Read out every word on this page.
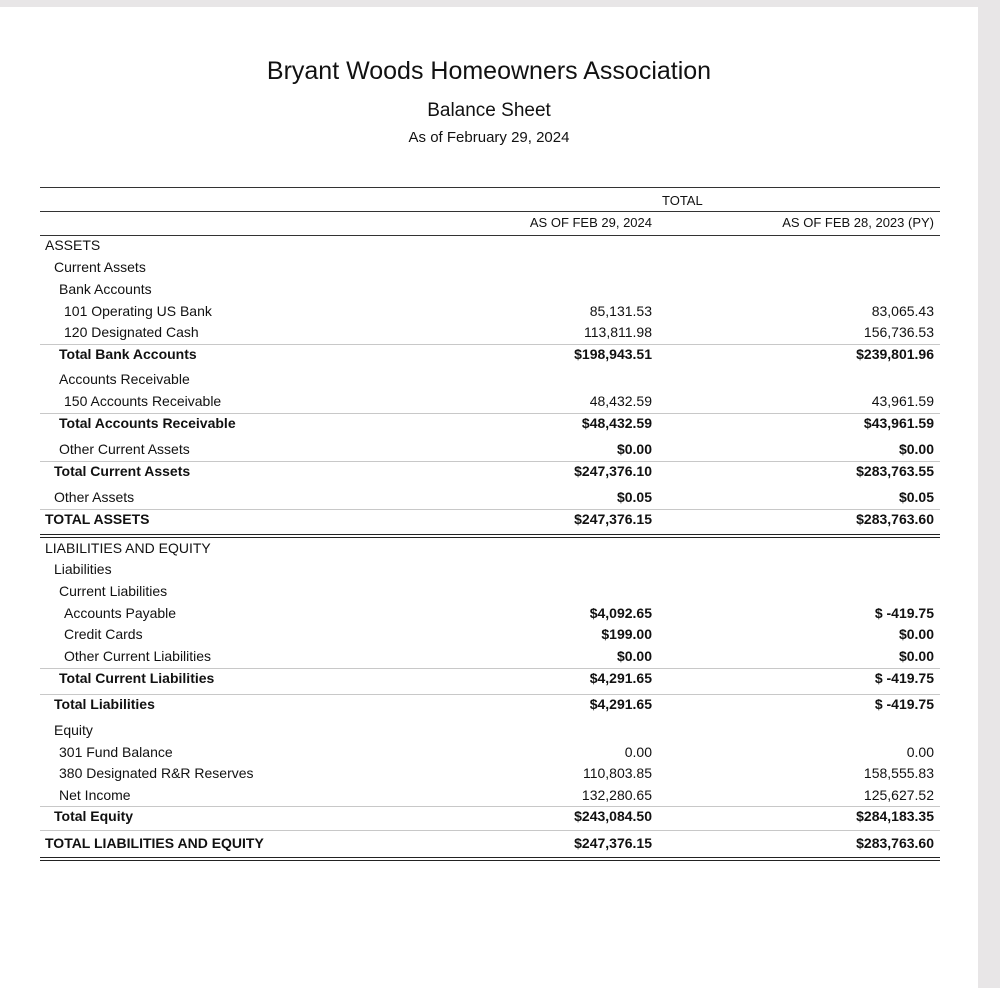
Bryant Woods Homeowners Association
Balance Sheet
As of February 29, 2024
TOTAL
AS OF FEB 29, 2024	AS OF FEB 28, 2023 (PY)
ASSETS
Current Assets
Bank Accounts
101 Operating US Bank	85,131.53	83,065.43
120 Designated Cash	113,811.98	156,736.53
Total Bank Accounts	$198,943.51	$239,801.96
Accounts Receivable
150 Accounts Receivable	48,432.59	43,961.59
Total Accounts Receivable	$48,432.59	$43,961.59
Other Current Assets	$0.00	$0.00
Total Current Assets	$247,376.10	$283,763.55
Other Assets	$0.05	$0.05
TOTAL ASSETS	$247,376.15	$283,763.60
LIABILITIES AND EQUITY
Liabilities
Current Liabilities
Accounts Payable	$4,092.65	$ -419.75
Credit Cards	$199.00	$0.00
Other Current Liabilities	$0.00	$0.00
Total Current Liabilities	$4,291.65	$ -419.75
Total Liabilities	$4,291.65	$ -419.75
Equity
301 Fund Balance	0.00	0.00
380 Designated R&R Reserves	110,803.85	158,555.83
Net Income	132,280.65	125,627.52
Total Equity	$243,084.50	$284,183.35
TOTAL LIABILITIES AND EQUITY	$247,376.15	$283,763.60
